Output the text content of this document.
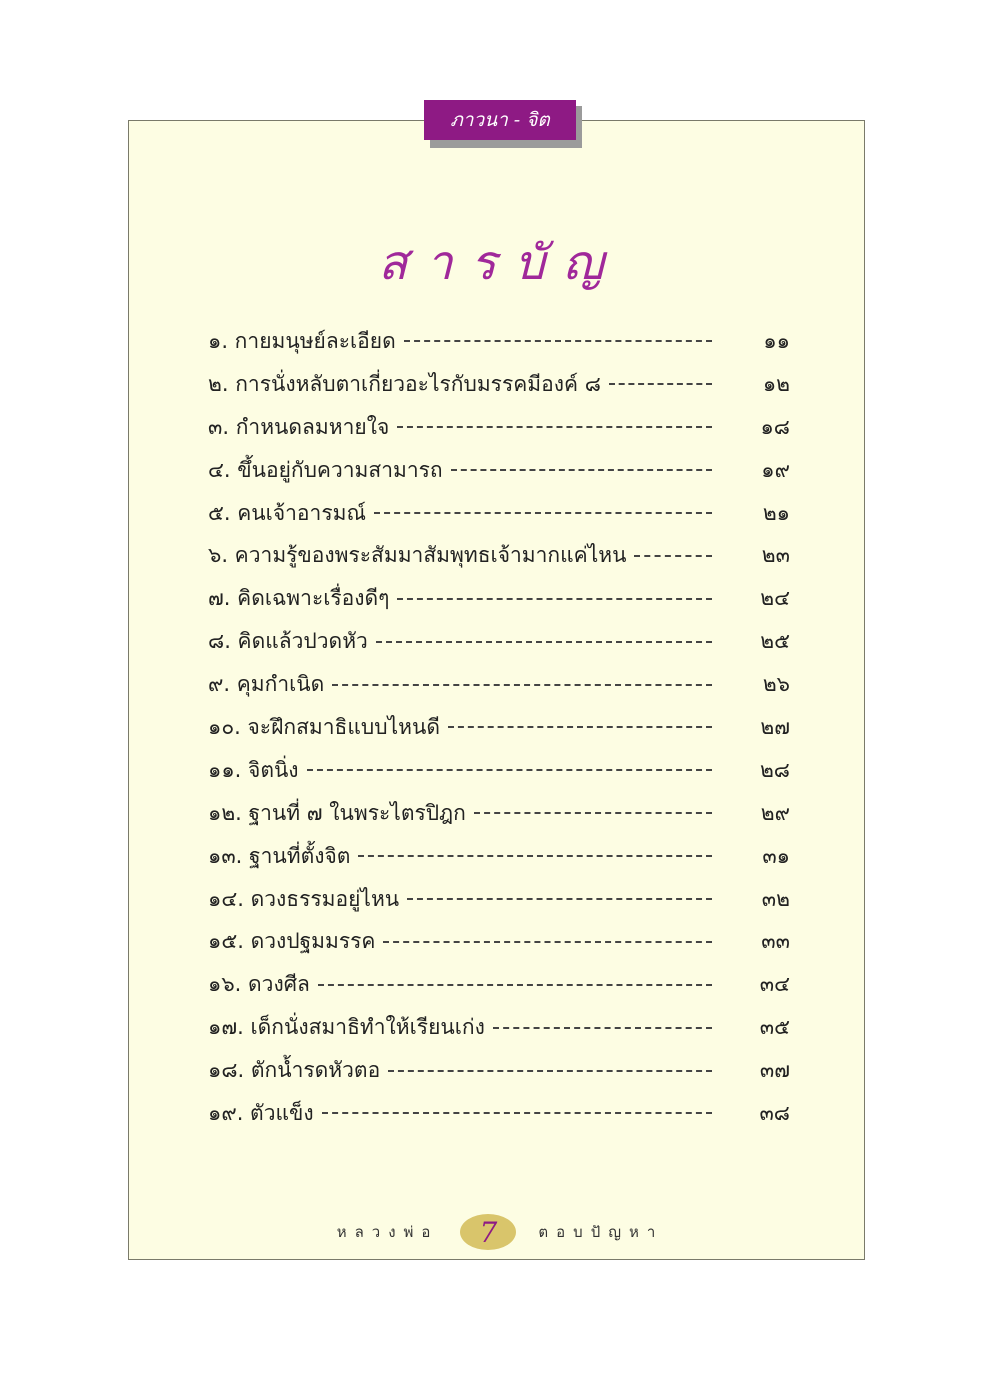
ภาวนา - จิต
สารบัญ
๑. กายมนุษย์ละเอียด	๑๑
๒. การนั่งหลับตาเกี่ยวอะไรกับมรรคมีองค์ ๘	๑๒
๓. กำหนดลมหายใจ	๑๘
๔. ขึ้นอยู่กับความสามารถ	๑๙
๕. คนเจ้าอารมณ์	๒๑
๖. ความรู้ของพระสัมมาสัมพุทธเจ้ามากแค่ไหน	๒๓
๗. คิดเฉพาะเรื่องดีๆ	๒๔
๘. คิดแล้วปวดหัว	๒๕
๙. คุมกำเนิด	๒๖
๑๐. จะฝึกสมาธิแบบไหนดี	๒๗
๑๑. จิตนิ่ง	๒๘
๑๒. ฐานที่ ๗ ในพระไตรปิฎก	๒๙
๑๓. ฐานที่ตั้งจิต	๓๑
๑๔. ดวงธรรมอยู่ไหน	๓๒
๑๕. ดวงปฐมมรรค	๓๓
๑๖. ดวงศีล	๓๔
๑๗. เด็กนั่งสมาธิทำให้เรียนเก่ง	๓๕
๑๘. ตักน้ำรดหัวตอ	๓๗
๑๙. ตัวแข็ง	๓๘
หลวงพ่อ	7	ตอบปัญหา
